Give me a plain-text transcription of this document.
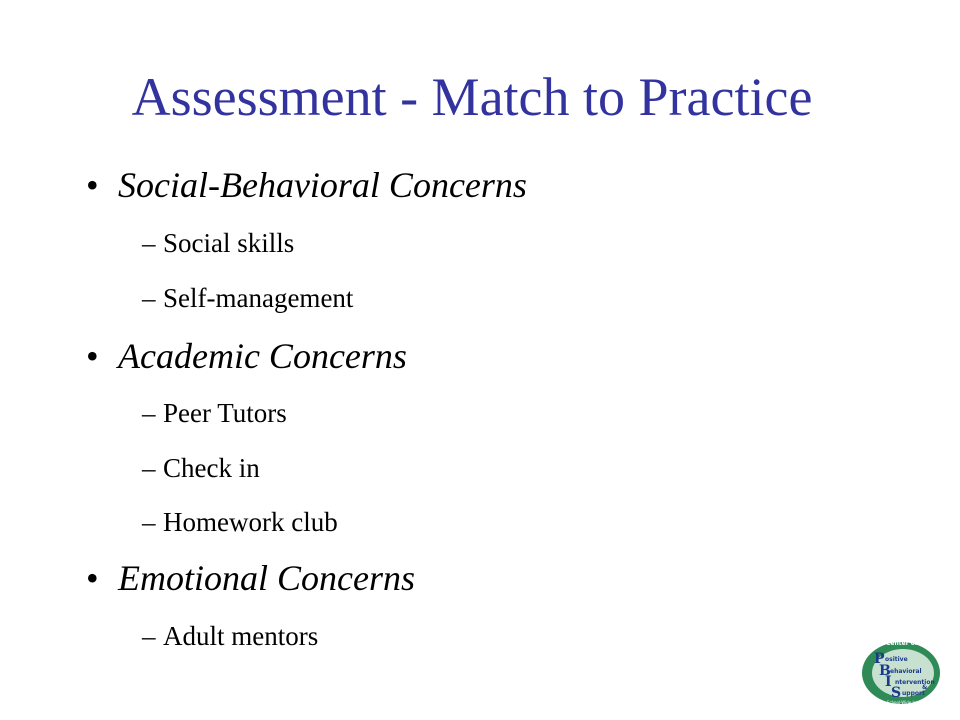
Assessment - Match to Practice
• Social-Behavioral Concerns
– Social skills
– Self-management
• Academic Concerns
– Peer Tutors
– Check in
– Homework club
• Emotional Concerns
– Adult mentors	OSEP Center on
P
B
I
S
ositive
ehavioral
ntervention
&
upport
Effective School-Wide Interventions
